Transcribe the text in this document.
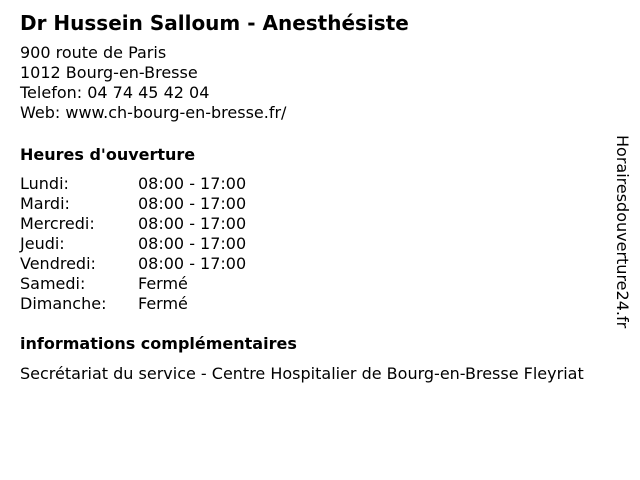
Dr Hussein Salloum - Anesthésiste
900 route de Paris
1012 Bourg-en-Bresse
Telefon: 04 74 45 42 04
Web: www.ch-bourg-en-bresse.fr/
Heures d'ouverture
Lundi:	08:00 - 17:00
Mardi:	08:00 - 17:00
Mercredi:	08:00 - 17:00
Jeudi:	08:00 - 17:00
Vendredi:	08:00 - 17:00
Samedi:	Fermé
Dimanche:	Fermé
informations complémentaires
Secrétariat du service - Centre Hospitalier de Bourg-en-Bresse Fleyriat
Horairesdouverture24.fr
